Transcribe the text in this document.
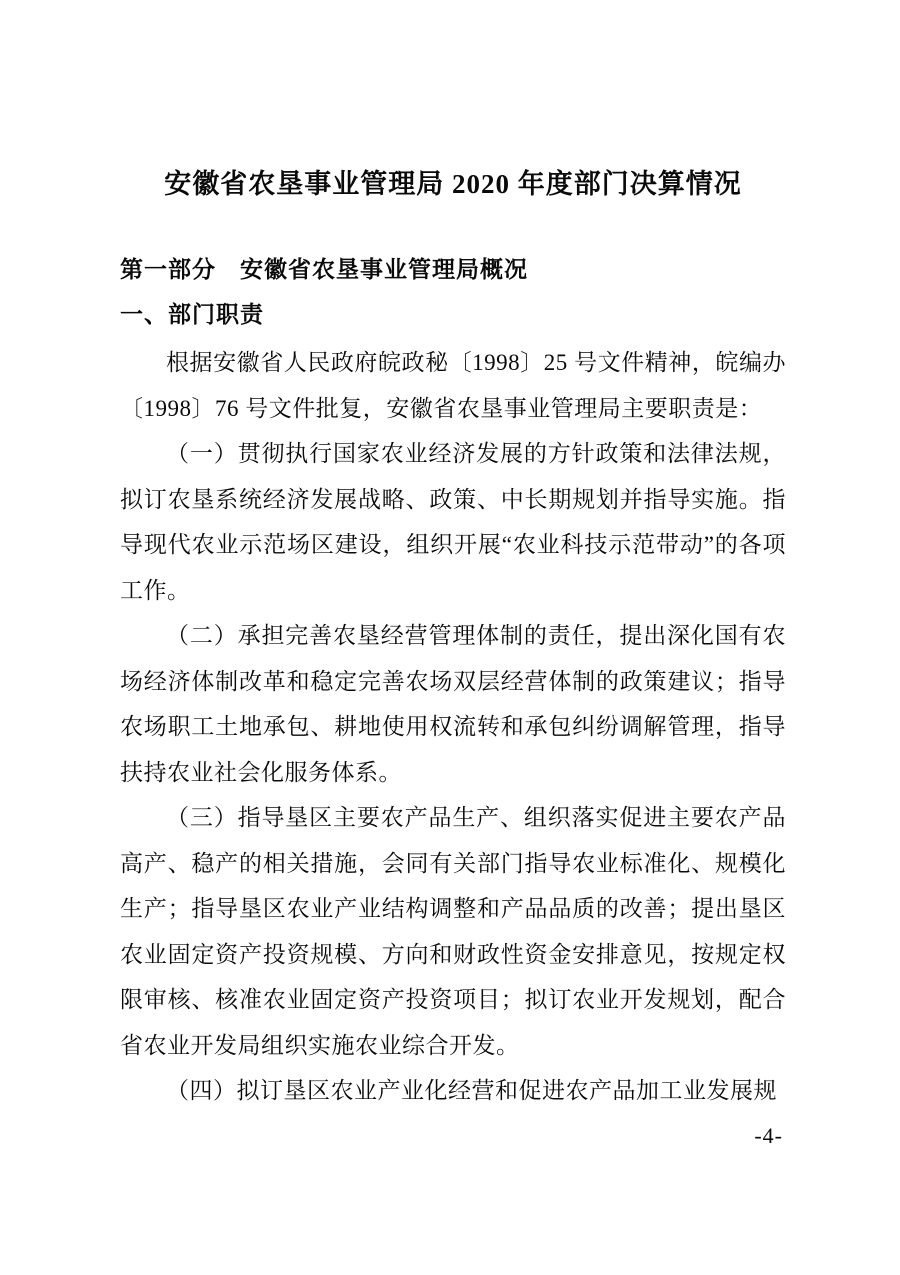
安徽省农垦事业管理局 2020 年度部门决算情况
第一部分　安徽省农垦事业管理局概况
一、部门职责

根据安徽省人民政府皖政秘〔1998〕25 号文件精神，皖编办〔1998〕76 号文件批复，安徽省农垦事业管理局主要职责是：

（一）贯彻执行国家农业经济发展的方针政策和法律法规，拟订农垦系统经济发展战略、政策、中长期规划并指导实施。指导现代农业示范场区建设，组织开展“农业科技示范带动”的各项工作。

（二）承担完善农垦经营管理体制的责任，提出深化国有农场经济体制改革和稳定完善农场双层经营体制的政策建议；指导农场职工土地承包、耕地使用权流转和承包纠纷调解管理，指导扶持农业社会化服务体系。

（三）指导垦区主要农产品生产、组织落实促进主要农产品高产、稳产的相关措施，会同有关部门指导农业标准化、规模化生产；指导垦区农业产业结构调整和产品品质的改善；提出垦区农业固定资产投资规模、方向和财政性资金安排意见，按规定权限审核、核准农业固定资产投资项目；拟订农业开发规划，配合省农业开发局组织实施农业综合开发。

（四）拟订垦区农业产业化经营和促进农产品加工业发展规

-4-
